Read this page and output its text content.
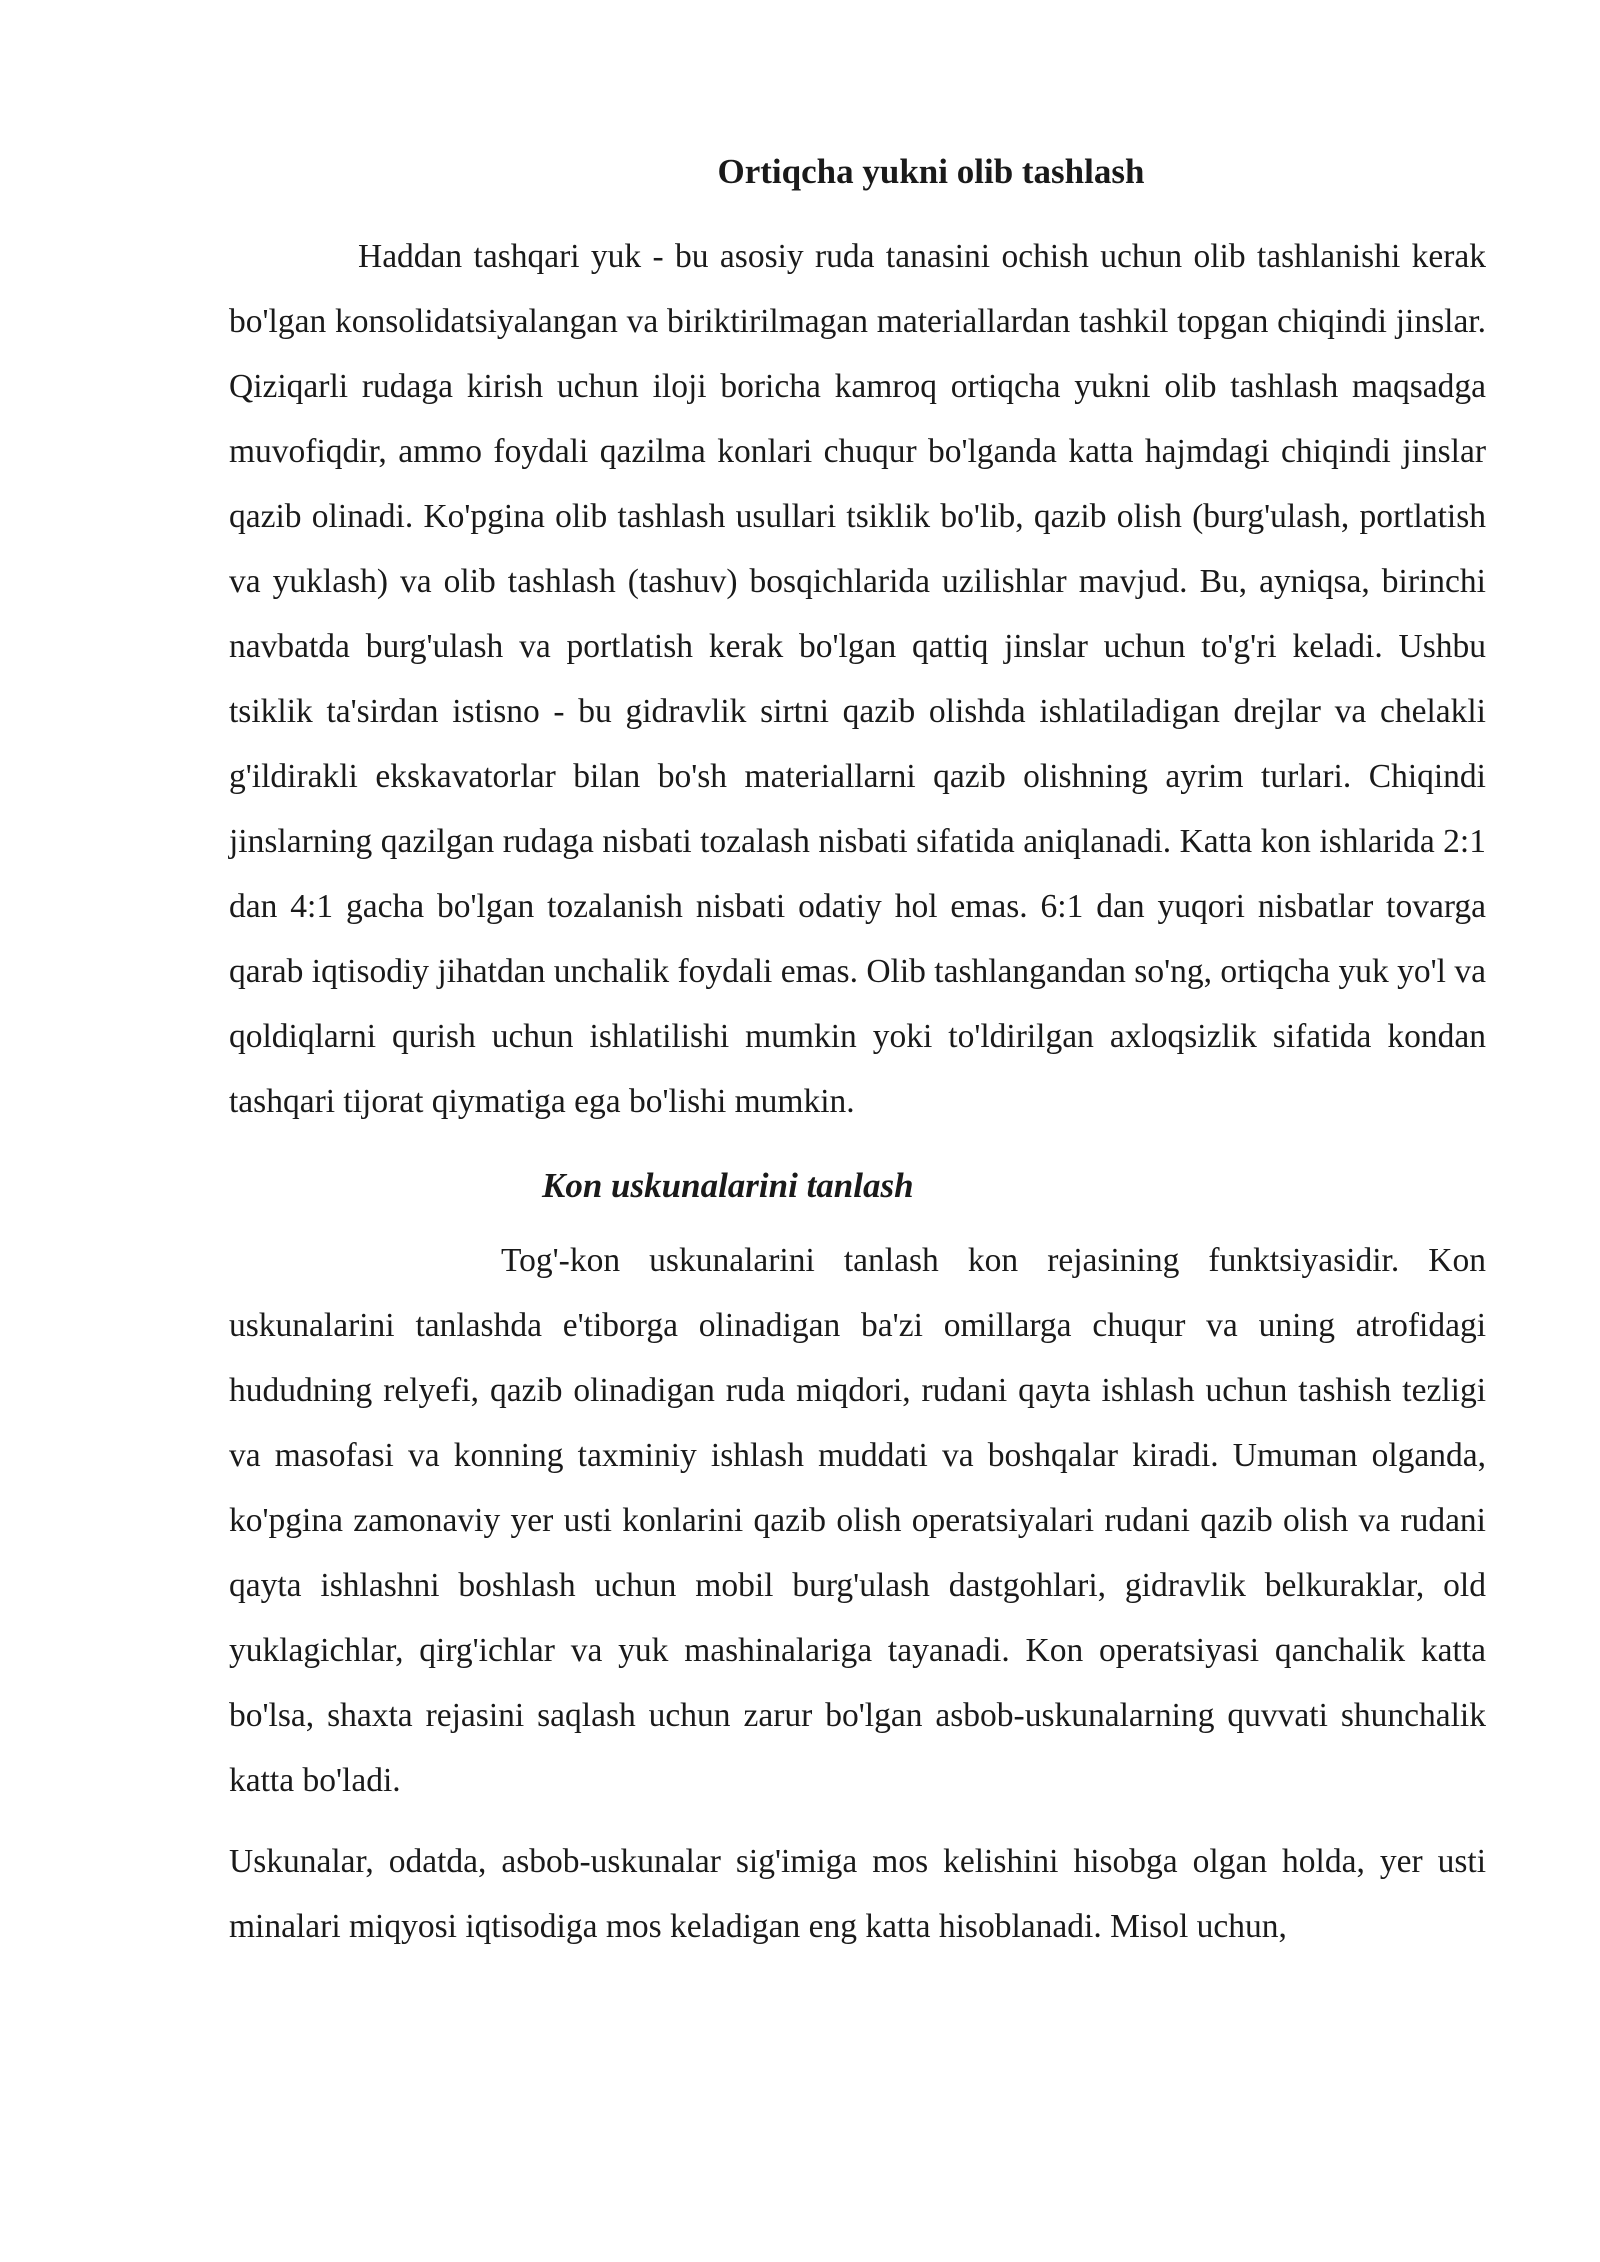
Ortiqcha yukni olib tashlash

Haddan tashqari yuk - bu asosiy ruda tanasini ochish uchun olib tashlanishi kerak bo'lgan konsolidatsiyalangan va biriktirilmagan materiallardan tashkil topgan chiqindi jinslar. Qiziqarli rudaga kirish uchun iloji boricha kamroq ortiqcha yukni olib tashlash maqsadga muvofiqdir, ammo foydali qazilma konlari chuqur bo'lganda katta hajmdagi chiqindi jinslar qazib olinadi. Ko'pgina olib tashlash usullari tsiklik bo'lib, qazib olish (burg'ulash, portlatish va yuklash) va olib tashlash (tashuv) bosqichlarida uzilishlar mavjud. Bu, ayniqsa, birinchi navbatda burg'ulash va portlatish kerak bo'lgan qattiq jinslar uchun to'g'ri keladi. Ushbu tsiklik ta'sirdan istisno - bu gidravlik sirtni qazib olishda ishlatiladigan drejlar va chelakli g'ildirakli ekskavatorlar bilan bo'sh materiallarni qazib olishning ayrim turlari. Chiqindi jinslarning qazilgan rudaga nisbati tozalash nisbati sifatida aniqlanadi. Katta kon ishlarida 2:1 dan 4:1 gacha bo'lgan tozalanish nisbati odatiy hol emas. 6:1 dan yuqori nisbatlar tovarga qarab iqtisodiy jihatdan unchalik foydali emas. Olib tashlangandan so'ng, ortiqcha yuk yo'l va qoldiqlarni qurish uchun ishlatilishi mumkin yoki to'ldirilgan axloqsizlik sifatida kondan tashqari tijorat qiymatiga ega bo'lishi mumkin.

Kon uskunalarini tanlash

Tog'-kon uskunalarini tanlash kon rejasining funktsiyasidir. Kon uskunalarini tanlashda e'tiborga olinadigan ba'zi omillarga chuqur va uning atrofidagi hududning relyefi, qazib olinadigan ruda miqdori, rudani qayta ishlash uchun tashish tezligi va masofasi va konning taxminiy ishlash muddati va boshqalar kiradi. Umuman olganda, ko'pgina zamonaviy yer usti konlarini qazib olish operatsiyalari rudani qazib olish va rudani qayta ishlashni boshlash uchun mobil burg'ulash dastgohlari, gidravlik belkuraklar, old yuklagichlar, qirg'ichlar va yuk mashinalariga tayanadi. Kon operatsiyasi qanchalik katta bo'lsa, shaxta rejasini saqlash uchun zarur bo'lgan asbob-uskunalarning quvvati shunchalik katta bo'ladi.

Uskunalar, odatda, asbob-uskunalar sig'imiga mos kelishini hisobga olgan holda, yer usti minalari miqyosi iqtisodiga mos keladigan eng katta hisoblanadi. Misol uchun,
